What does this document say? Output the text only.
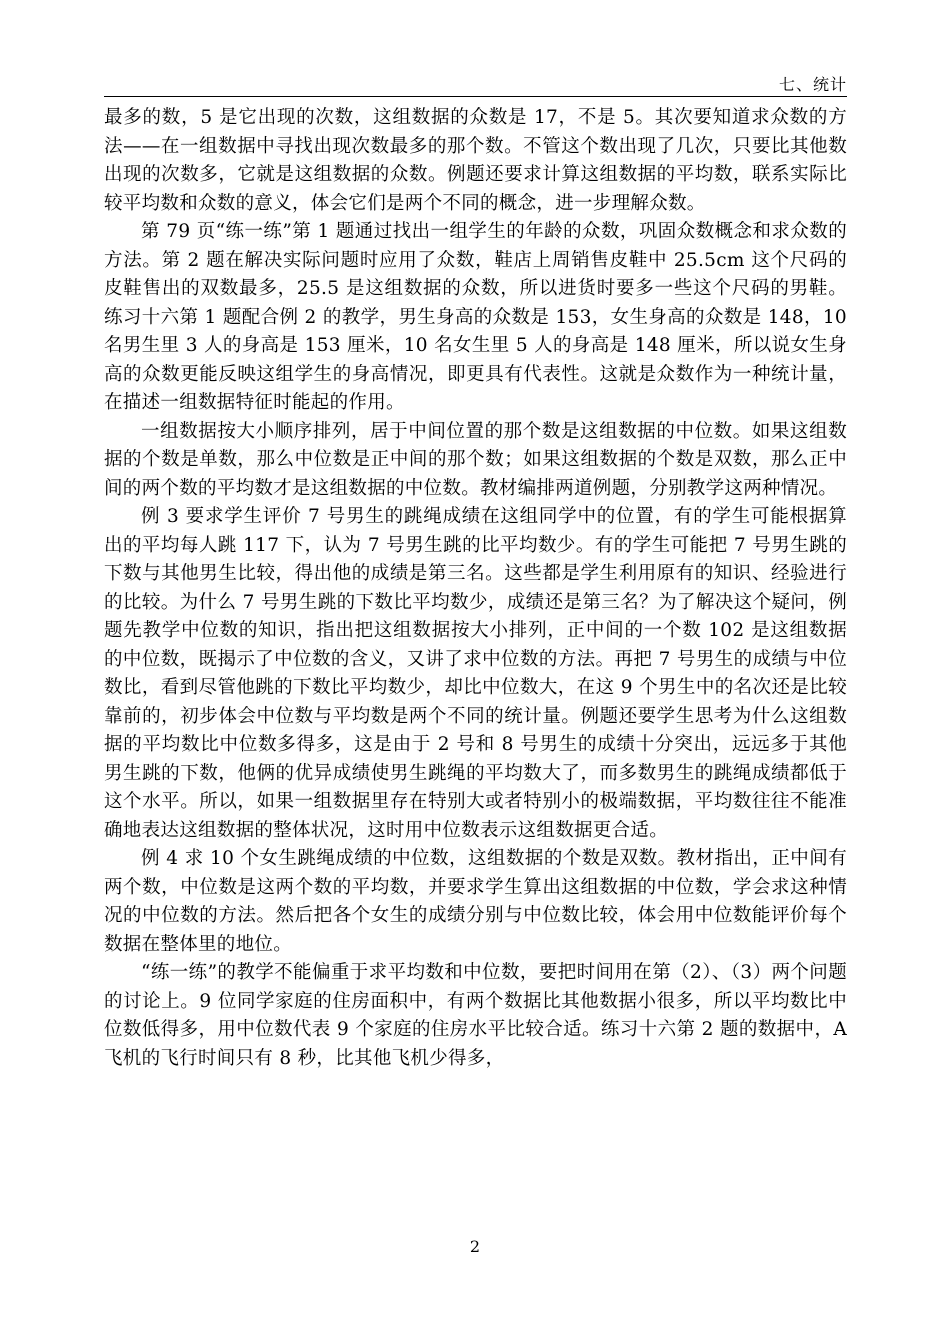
七、统计

最多的数，5 是它出现的次数，这组数据的众数是 17，不是 5。其次要知道求众数的方法——在一组数据中寻找出现次数最多的那个数。不管这个数出现了几次，只要比其他数出现的次数多，它就是这组数据的众数。例题还要求计算这组数据的平均数，联系实际比较平均数和众数的意义，体会它们是两个不同的概念，进一步理解众数。

第 79 页“练一练”第 1 题通过找出一组学生的年龄的众数，巩固众数概念和求众数的方法。第 2 题在解决实际问题时应用了众数，鞋店上周销售皮鞋中 25.5cm 这个尺码的皮鞋售出的双数最多，25.5 是这组数据的众数，所以进货时要多一些这个尺码的男鞋。练习十六第 1 题配合例 2 的教学，男生身高的众数是 153，女生身高的众数是 148，10 名男生里 3 人的身高是 153 厘米，10 名女生里 5 人的身高是 148 厘米，所以说女生身高的众数更能反映这组学生的身高情况，即更具有代表性。这就是众数作为一种统计量，在描述一组数据特征时能起的作用。

一组数据按大小顺序排列，居于中间位置的那个数是这组数据的中位数。如果这组数据的个数是单数，那么中位数是正中间的那个数；如果这组数据的个数是双数，那么正中间的两个数的平均数才是这组数据的中位数。教材编排两道例题，分别教学这两种情况。

例 3 要求学生评价 7 号男生的跳绳成绩在这组同学中的位置，有的学生可能根据算出的平均每人跳 117 下，认为 7 号男生跳的比平均数少。有的学生可能把 7 号男生跳的下数与其他男生比较，得出他的成绩是第三名。这些都是学生利用原有的知识、经验进行的比较。为什么 7 号男生跳的下数比平均数少，成绩还是第三名？为了解决这个疑问，例题先教学中位数的知识，指出把这组数据按大小排列，正中间的一个数 102 是这组数据的中位数，既揭示了中位数的含义，又讲了求中位数的方法。再把 7 号男生的成绩与中位数比，看到尽管他跳的下数比平均数少，却比中位数大，在这 9 个男生中的名次还是比较靠前的，初步体会中位数与平均数是两个不同的统计量。例题还要学生思考为什么这组数据的平均数比中位数多得多，这是由于 2 号和 8 号男生的成绩十分突出，远远多于其他男生跳的下数，他俩的优异成绩使男生跳绳的平均数大了，而多数男生的跳绳成绩都低于这个水平。所以，如果一组数据里存在特别大或者特别小的极端数据，平均数往往不能准确地表达这组数据的整体状况，这时用中位数表示这组数据更合适。

例 4 求 10 个女生跳绳成绩的中位数，这组数据的个数是双数。教材指出，正中间有两个数，中位数是这两个数的平均数，并要求学生算出这组数据的中位数，学会求这种情况的中位数的方法。然后把各个女生的成绩分别与中位数比较，体会用中位数能评价每个数据在整体里的地位。

“练一练”的教学不能偏重于求平均数和中位数，要把时间用在第（2）、（3）两个问题的讨论上。9 位同学家庭的住房面积中，有两个数据比其他数据小很多，所以平均数比中位数低得多，用中位数代表 9 个家庭的住房水平比较合适。练习十六第 2 题的数据中，A 飞机的飞行时间只有 8 秒，比其他飞机少得多，

2
